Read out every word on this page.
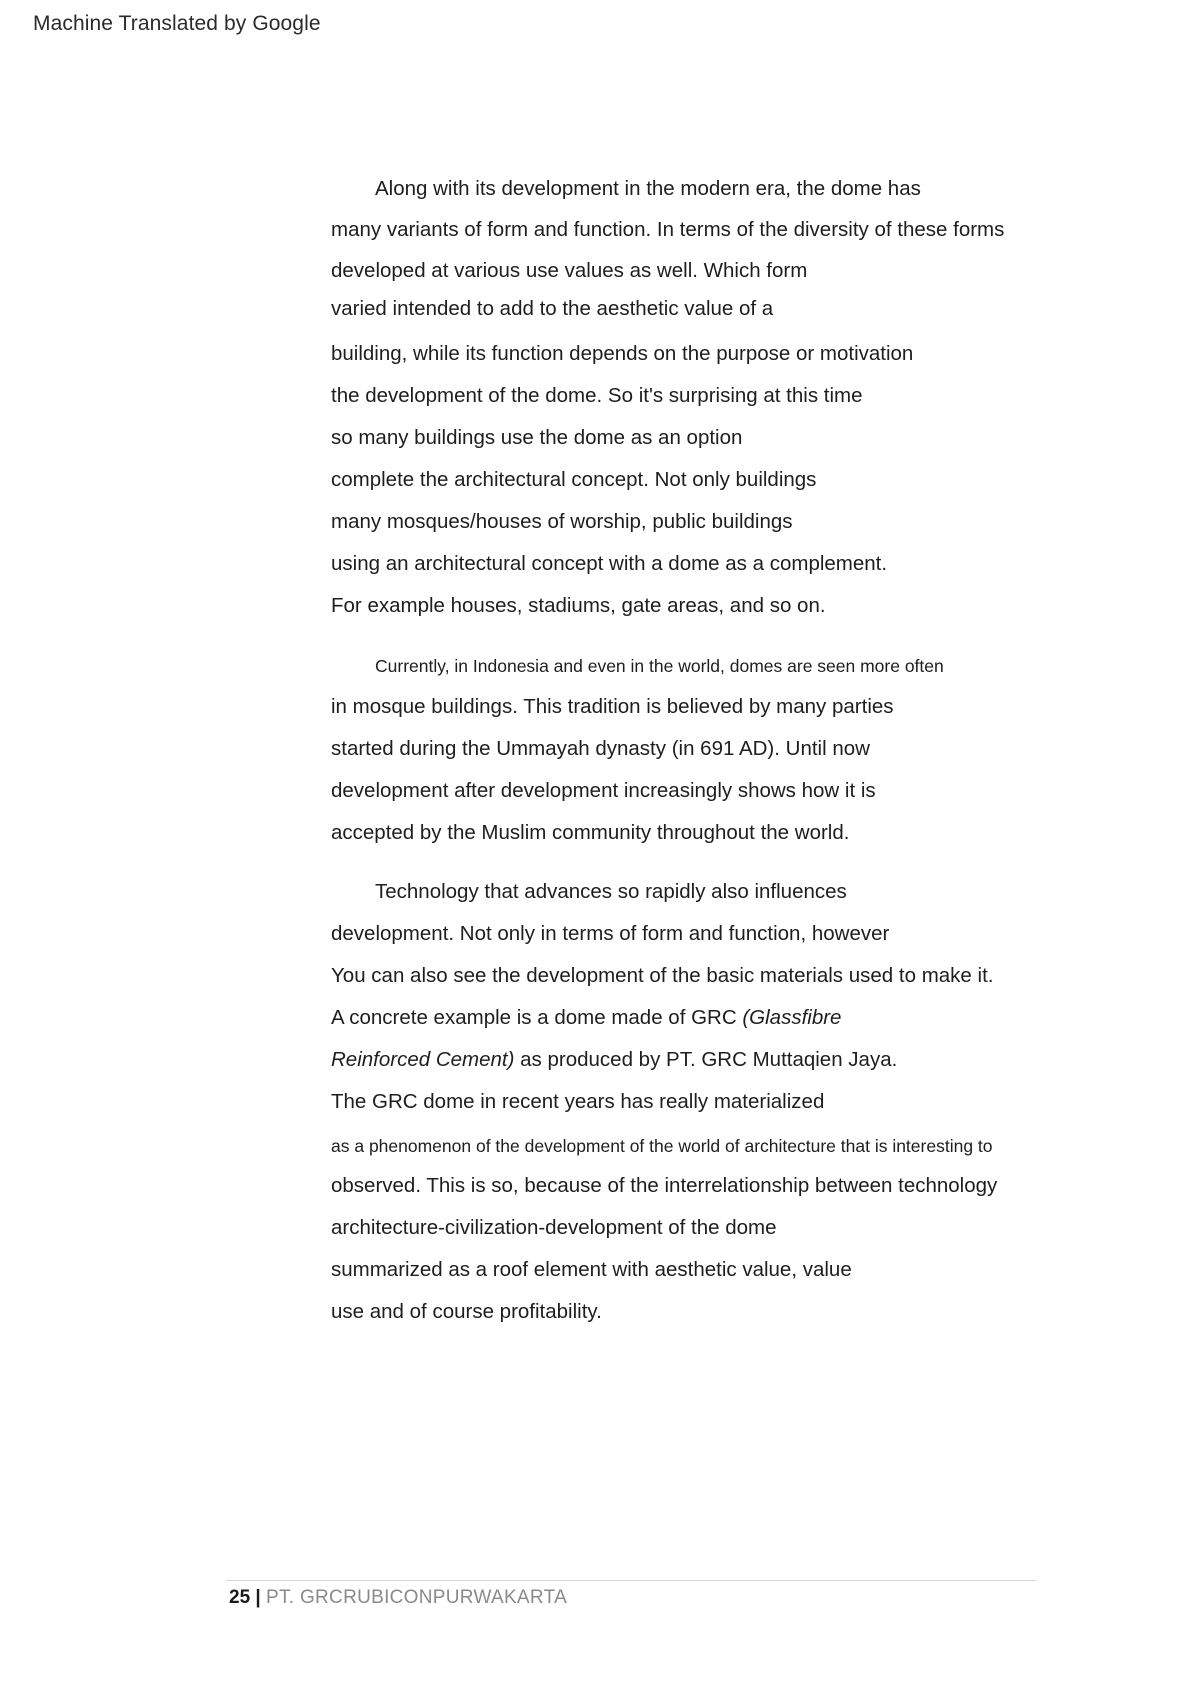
Machine Translated by Google
Along with its development in the modern era, the dome has
many variants of form and function. In terms of the diversity of these forms
developed at various use values as well. Which form
varied intended to add to the aesthetic value of a
building, while its function depends on the purpose or motivation
the development of the dome. So it's surprising at this time
so many buildings use the dome as an option
complete the architectural concept. Not only buildings
many mosques/houses of worship, public buildings
using an architectural concept with a dome as a complement.
For example houses, stadiums, gate areas, and so on.
Currently, in Indonesia and even in the world, domes are seen more often
in mosque buildings. This tradition is believed by many parties
started during the Ummayah dynasty (in 691 AD). Until now
development after development increasingly shows how it is
accepted by the Muslim community throughout the world.
Technology that advances so rapidly also influences
development. Not only in terms of form and function, however
You can also see the development of the basic materials used to make it.
A concrete example is a dome made of GRC (Glassfibre
Reinforced Cement) as produced by PT. GRC Muttaqien Jaya.
The GRC dome in recent years has really materialized
as a phenomenon of the development of the world of architecture that is interesting to
observed. This is so, because of the interrelationship between technology
architecture-civilization-development of the dome
summarized as a roof element with aesthetic value, value
use and of course profitability.
25 | PT. GRCRUBICONPURWAKARTA
